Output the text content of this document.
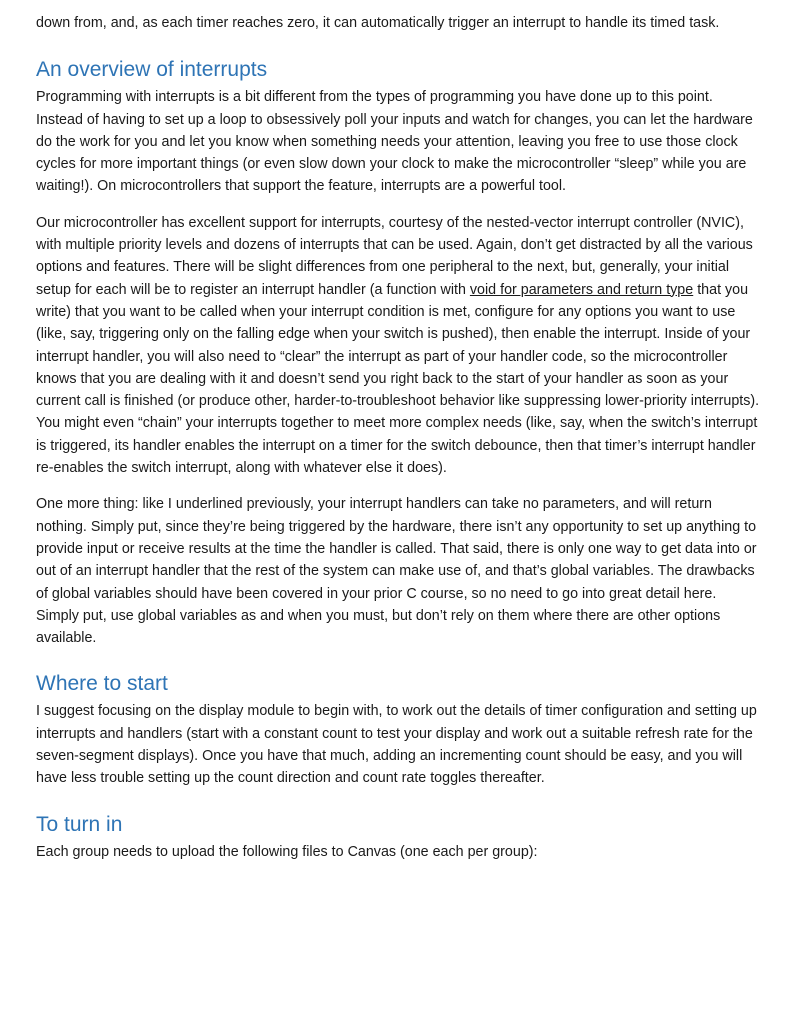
down from, and, as each timer reaches zero, it can automatically trigger an interrupt to handle its timed task.

An overview of interrupts

Programming with interrupts is a bit different from the types of programming you have done up to this point. Instead of having to set up a loop to obsessively poll your inputs and watch for changes, you can let the hardware do the work for you and let you know when something needs your attention, leaving you free to use those clock cycles for more important things (or even slow down your clock to make the microcontroller “sleep” while you are waiting!). On microcontrollers that support the feature, interrupts are a powerful tool.

Our microcontroller has excellent support for interrupts, courtesy of the nested-vector interrupt controller (NVIC), with multiple priority levels and dozens of interrupts that can be used. Again, don’t get distracted by all the various options and features. There will be slight differences from one peripheral to the next, but, generally, your initial setup for each will be to register an interrupt handler (a function with void for parameters and return type that you write) that you want to be called when your interrupt condition is met, configure for any options you want to use (like, say, triggering only on the falling edge when your switch is pushed), then enable the interrupt. Inside of your interrupt handler, you will also need to “clear” the interrupt as part of your handler code, so the microcontroller knows that you are dealing with it and doesn’t send you right back to the start of your handler as soon as your current call is finished (or produce other, harder-to-troubleshoot behavior like suppressing lower-priority interrupts). You might even “chain” your interrupts together to meet more complex needs (like, say, when the switch’s interrupt is triggered, its handler enables the interrupt on a timer for the switch debounce, then that timer’s interrupt handler re-enables the switch interrupt, along with whatever else it does).

One more thing: like I underlined previously, your interrupt handlers can take no parameters, and will return nothing. Simply put, since they’re being triggered by the hardware, there isn’t any opportunity to set up anything to provide input or receive results at the time the handler is called. That said, there is only one way to get data into or out of an interrupt handler that the rest of the system can make use of, and that’s global variables. The drawbacks of global variables should have been covered in your prior C course, so no need to go into great detail here. Simply put, use global variables as and when you must, but don’t rely on them where there are other options available.

Where to start

I suggest focusing on the display module to begin with, to work out the details of timer configuration and setting up interrupts and handlers (start with a constant count to test your display and work out a suitable refresh rate for the seven-segment displays). Once you have that much, adding an incrementing count should be easy, and you will have less trouble setting up the count direction and count rate toggles thereafter.

To turn in

Each group needs to upload the following files to Canvas (one each per group):
